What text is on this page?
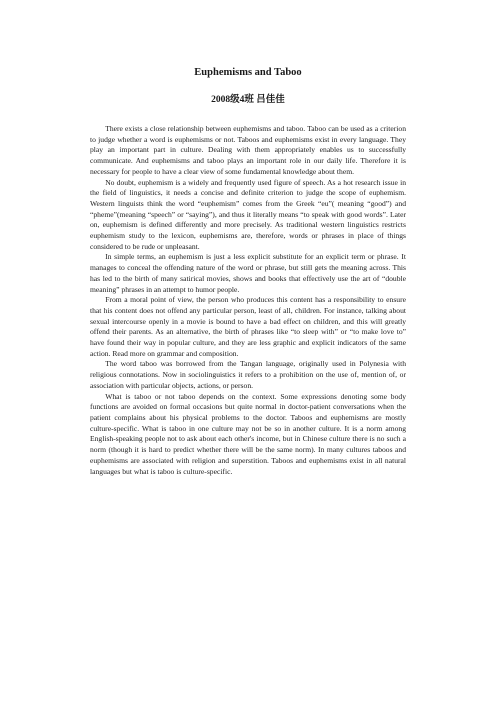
Euphemisms and Taboo
2008级4班 吕佳佳

There exists a close relationship between euphemisms and taboo. Taboo can be used as a criterion to judge whether a word is euphemisms or not. Taboos and euphemisms exist in every language. They play an important part in culture. Dealing with them appropriately enables us to successfully communicate. And euphemisms and taboo plays an important role in our daily life. Therefore it is necessary for people to have a clear view of some fundamental knowledge about them.

No doubt, euphemism is a widely and frequently used figure of speech. As a hot research issue in the field of linguistics, it needs a concise and definite criterion to judge the scope of euphemism. Western linguists think the word “euphemism” comes from the Greek “eu”( meaning “good”) and “pheme”(meaning “speech” or “saying”), and thus it literally means “to speak with good words”. Later on, euphemism is defined differently and more precisely. As traditional western linguistics restricts euphemism study to the lexicon, euphemisms are, therefore, words or phrases in place of things considered to be rude or unpleasant.

In simple terms, an euphemism is just a less explicit substitute for an explicit term or phrase. It manages to conceal the offending nature of the word or phrase, but still gets the meaning across. This has led to the birth of many satirical movies, shows and books that effectively use the art of “double meaning” phrases in an attempt to humor people.

From a moral point of view, the person who produces this content has a responsibility to ensure that his content does not offend any particular person, least of all, children. For instance, talking about sexual intercourse openly in a movie is bound to have a bad effect on children, and this will greatly offend their parents. As an alternative, the birth of phrases like “to sleep with” or “to make love to” have found their way in popular culture, and they are less graphic and explicit indicators of the same action. Read more on grammar and composition.

The word taboo was borrowed from the Tangan language, originally used in Polynesia with religious connotations. Now in sociolinguistics it refers to a prohibition on the use of, mention of, or association with particular objects, actions, or person.

What is taboo or not taboo depends on the context. Some expressions denoting some body functions are avoided on formal occasions but quite normal in doctor-patient conversations when the patient complains about his physical problems to the doctor. Taboos and euphemisms are mostly culture-specific. What is taboo in one culture may not be so in another culture. It is a norm among English-speaking people not to ask about each other's income, but in Chinese culture there is no such a norm (though it is hard to predict whether there will be the same norm). In many cultures taboos and euphemisms are associated with religion and superstition. Taboos and euphemisms exist in all natural languages but what is taboo is culture-specific.
